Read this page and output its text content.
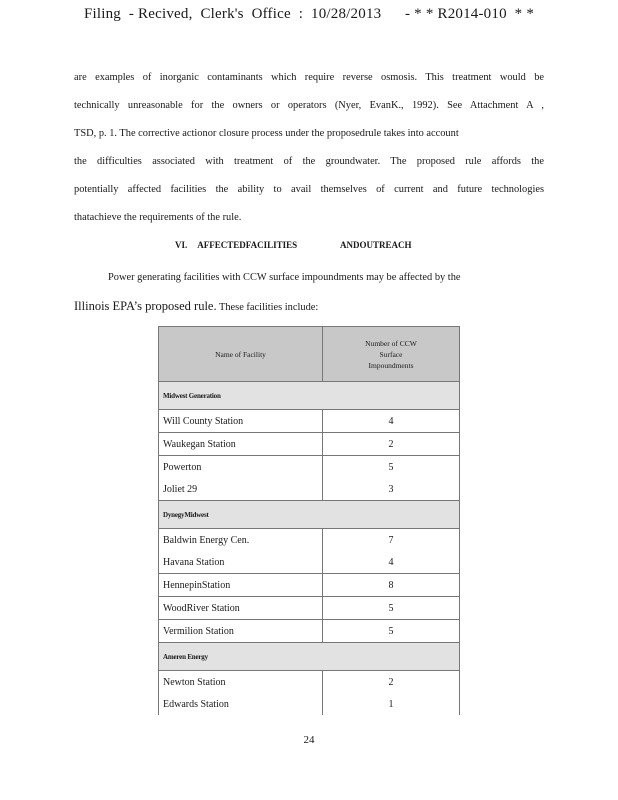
Filing  - Recived,  Clerk's  Office  :  10/28/2013      - * * R2014-010  * *

are examples of inorganic contaminants which require reverse osmosis. This treatment would be
technically unreasonable for the owners or operators (Nyer, EvanK., 1992). See Attachment A ,
TSD, p. 1. The corrective actionor closure process under the proposedrule takes into account
the difficulties associated with treatment of the groundwater. The proposed rule affords the
potentially affected facilities the ability to avail themselves of current and future technologies
thatachieve the requirements of the rule.

VI. AFFECTEDFACILITIES	ANDOUTREACH
Power generating facilities with CCW surface impoundments may be affected by the
Illinois EPA’s proposed rule. These facilities include:
Name of Facility	Number of CCW
Surface
Impoundments
Midwest Generation	
Will County Station	4
Waukegan Station	2
Powerton	5
Joliet 29	3
DynegyMidwest	
Baldwin Energy Cen.	7
Havana Station	4
HennepinStation	8
WoodRiver Station	5
Vermilion Station	5
Ameren Energy	
Newton Station	2
Edwards Station	1
24
